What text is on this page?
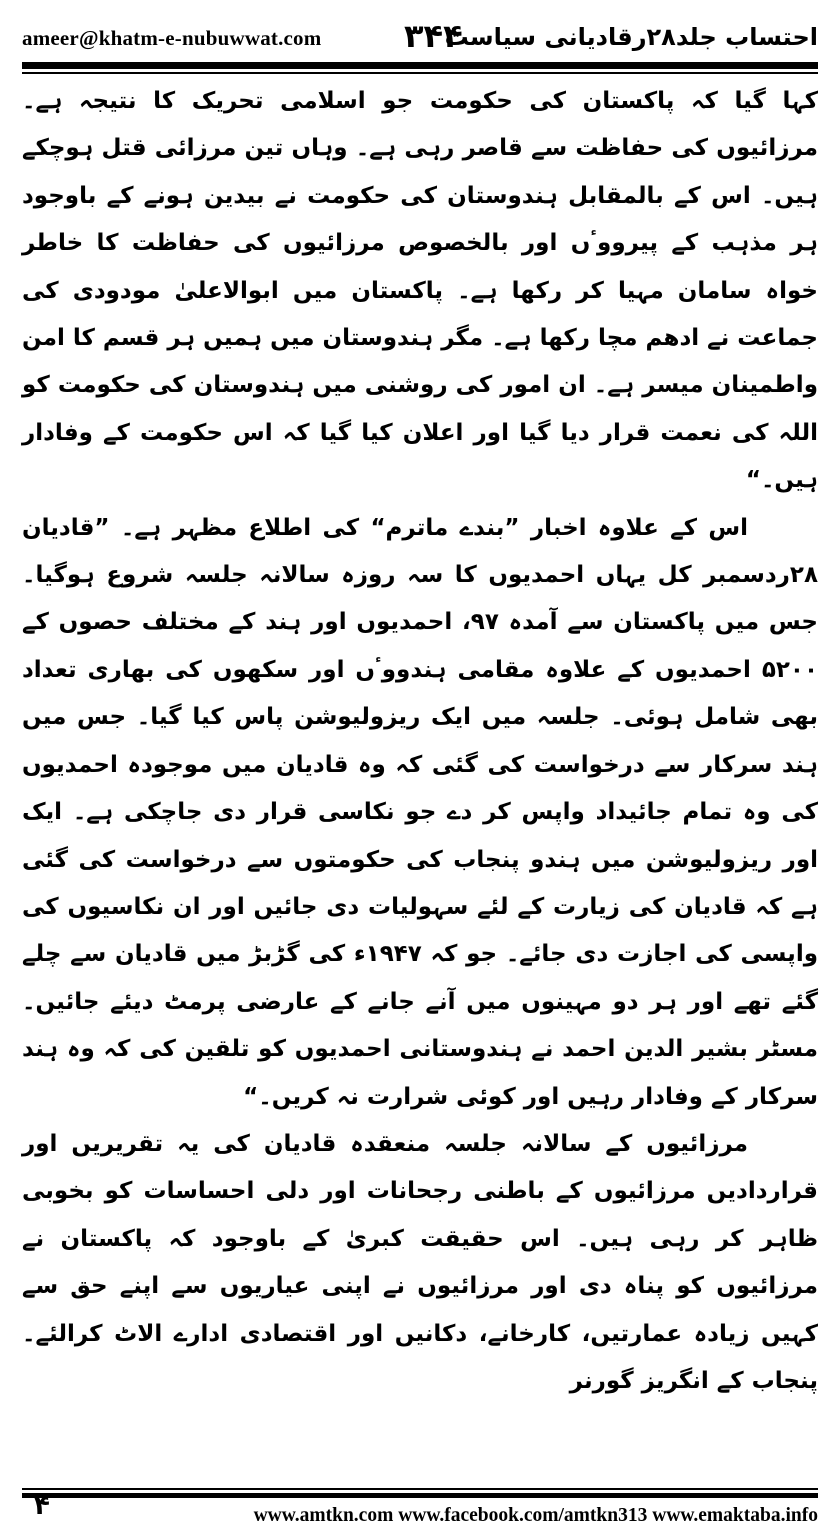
ameer@khatm-e-nubuwwat.com	۳۴۴
احتساب جلد۲۸رقادیانی سیاست

کہا گیا کہ پاکستان کی حکومت جو اسلامی تحریک کا نتیجہ ہے۔ مرزائیوں کی حفاظت سے قاصر رہی ہے۔ وہاں تین مرزائی قتل ہوچکے ہیں۔ اس کے بالمقابل ہندوستان کی حکومت نے بیدین ہونے کے باوجود ہر مذہب کے پیرووٴں اور بالخصوص مرزائیوں کی حفاظت کا خاطر خواہ سامان مہیا کر رکھا ہے۔ پاکستان میں ابوالاعلیٰ مودودی کی جماعت نے ادھم مچا رکھا ہے۔ مگر ہندوستان میں ہمیں ہر قسم کا امن واطمینان میسر ہے۔ ان امور کی روشنی میں ہندوستان کی حکومت کو اللہ کی نعمت قرار دیا گیا اور اعلان کیا گیا کہ اس حکومت کے وفادار ہیں۔“

اس کے علاوہ اخبار ”بندے ماترم“ کی اطلاع مظہر ہے۔ ”قادیان ۲۸ردسمبر کل یہاں احمدیوں کا سہ روزہ سالانہ جلسہ شروع ہوگیا۔ جس میں پاکستان سے آمدہ ۹۷، احمدیوں اور ہند کے مختلف حصوں کے ۵۲۰۰ احمدیوں کے علاوہ مقامی ہندووٴں اور سکھوں کی بھاری تعداد بھی شامل ہوئی۔ جلسہ میں ایک ریزولیوشن پاس کیا گیا۔ جس میں ہند سرکار سے درخواست کی گئی کہ وہ قادیان میں موجودہ احمدیوں کی وہ تمام جائیداد واپس کر دے جو نکاسی قرار دی جاچکی ہے۔ ایک اور ریزولیوشن میں ہندو پنجاب کی حکومتوں سے درخواست کی گئی ہے کہ قادیان کی زیارت کے لئے سہولیات دی جائیں اور ان نکاسیوں کی واپسی کی اجازت دی جائے۔ جو کہ ۱۹۴۷ء کی گڑبڑ میں قادیان سے چلے گئے تھے اور ہر دو مہینوں میں آنے جانے کے عارضی پرمٹ دیئے جائیں۔ مسٹر بشیر الدین احمد نے ہندوستانی احمدیوں کو تلقین کی کہ وہ ہند سرکار کے وفادار رہیں اور کوئی شرارت نہ کریں۔“

مرزائیوں کے سالانہ جلسہ منعقدہ قادیان کی یہ تقریریں اور قراردادیں مرزائیوں کے باطنی رجحانات اور دلی احساسات کو بخوبی ظاہر کر رہی ہیں۔ اس حقیقت کبریٰ کے باوجود کہ پاکستان نے مرزائیوں کو پناہ دی اور مرزائیوں نے اپنی عیاریوں سے اپنے حق سے کہیں زیادہ عمارتیں، کارخانے، دکانیں اور اقتصادی ادارے الاٹ کرالئے۔ پنجاب کے انگریز گورنر

۴	www.amtkn.com www.facebook.com/amtkn313 www.emaktaba.info
